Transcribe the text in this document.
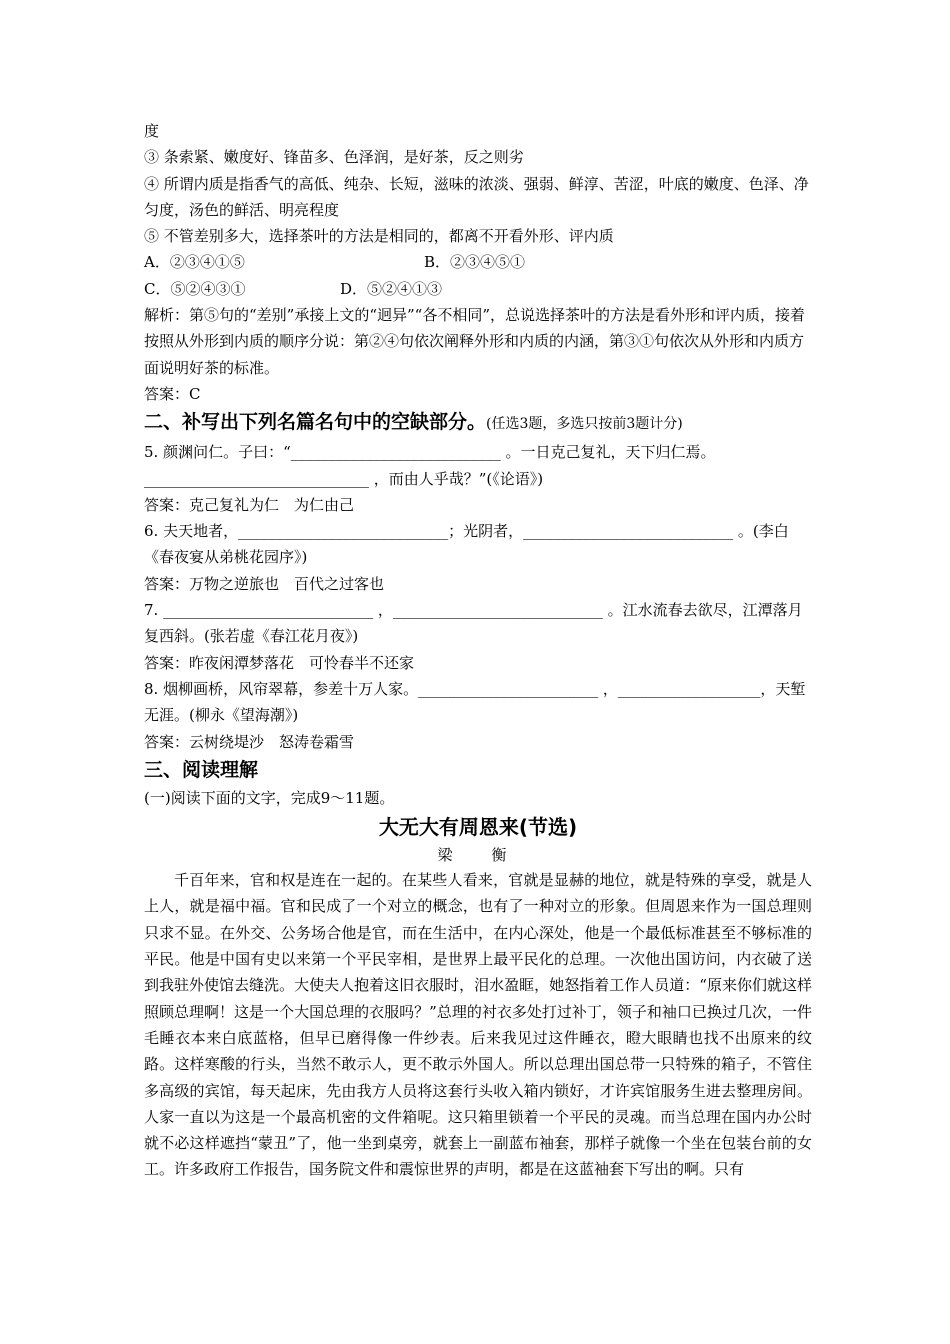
度

③ 条索紧、嫩度好、锋苗多、色泽润，是好茶，反之则劣

④ 所谓内质是指香气的高低、纯杂、长短，滋味的浓淡、强弱、鲜淳、苦涩，叶底的嫩度、色泽、净匀度，汤色的鲜活、明亮程度

⑤ 不管差别多大，选择茶叶的方法是相同的，都离不开看外形、评内质

A．②③④①⑤	B．②③④⑤①
C．⑤②④③①	D．⑤②④①③

解析：第⑤句的“差别”承接上文的“迥异”“各不相同”，总说选择茶叶的方法是看外形和评内质，接着按照从外形到内质的顺序分说：第②④句依次阐释外形和内质的内涵，第③①句依次从外形和内质方面说明好茶的标准。

答案：C

二、补写出下列名篇名句中的空缺部分。(任选3题，多选只按前3题计分)

5. 颜渊问仁。子曰：“____________________________ 。一日克己复礼，天下归仁焉。______________________________ ，而由人乎哉？”(《论语》)

答案：克己复礼为仁　为仁由己

6. 夫天地者，____________________________；光阴者，____________________________ 。(李白《春夜宴从弟桃花园序》)

答案：万物之逆旅也　百代之过客也

7. ____________________________ ，____________________________ 。江水流春去欲尽，江潭落月复西斜。(张若虚《春江花月夜》)

答案：昨夜闲潭梦落花　可怜春半不还家

8. 烟柳画桥，风帘翠幕，参差十万人家。________________________ ，___________________，天堑无涯。(柳永《望海潮》)

答案：云树绕堤沙　怒涛卷霜雪

三、阅读理解

(一)阅读下面的文字，完成9～11题。

大无大有周恩来(节选)

梁　衡

千百年来，官和权是连在一起的。在某些人看来，官就是显赫的地位，就是特殊的享受，就是人上人，就是福中福。官和民成了一个对立的概念，也有了一种对立的形象。但周恩来作为一国总理则只求不显。在外交、公务场合他是官，而在生活中，在内心深处，他是一个最低标准甚至不够标准的平民。他是中国有史以来第一个平民宰相，是世界上最平民化的总理。一次他出国访问，内衣破了送到我驻外使馆去缝洗。大使夫人抱着这旧衣服时，泪水盈眶，她怒指着工作人员道：“原来你们就这样照顾总理啊！这是一个大国总理的衣服吗？”总理的衬衣多处打过补丁，领子和袖口已换过几次，一件毛睡衣本来白底蓝格，但早已磨得像一件纱表。后来我见过这件睡衣，瞪大眼睛也找不出原来的纹路。这样寒酸的行头，当然不敢示人，更不敢示外国人。所以总理出国总带一只特殊的箱子，不管住多高级的宾馆，每天起床，先由我方人员将这套行头收入箱内锁好，才许宾馆服务生进去整理房间。人家一直以为这是一个最高机密的文件箱呢。这只箱里锁着一个平民的灵魂。而当总理在国内办公时就不必这样遮挡“蒙丑”了，他一坐到桌旁，就套上一副蓝布袖套，那样子就像一个坐在包装台前的女工。许多政府工作报告，国务院文件和震惊世界的声明，都是在这蓝袖套下写出的啊。只有
